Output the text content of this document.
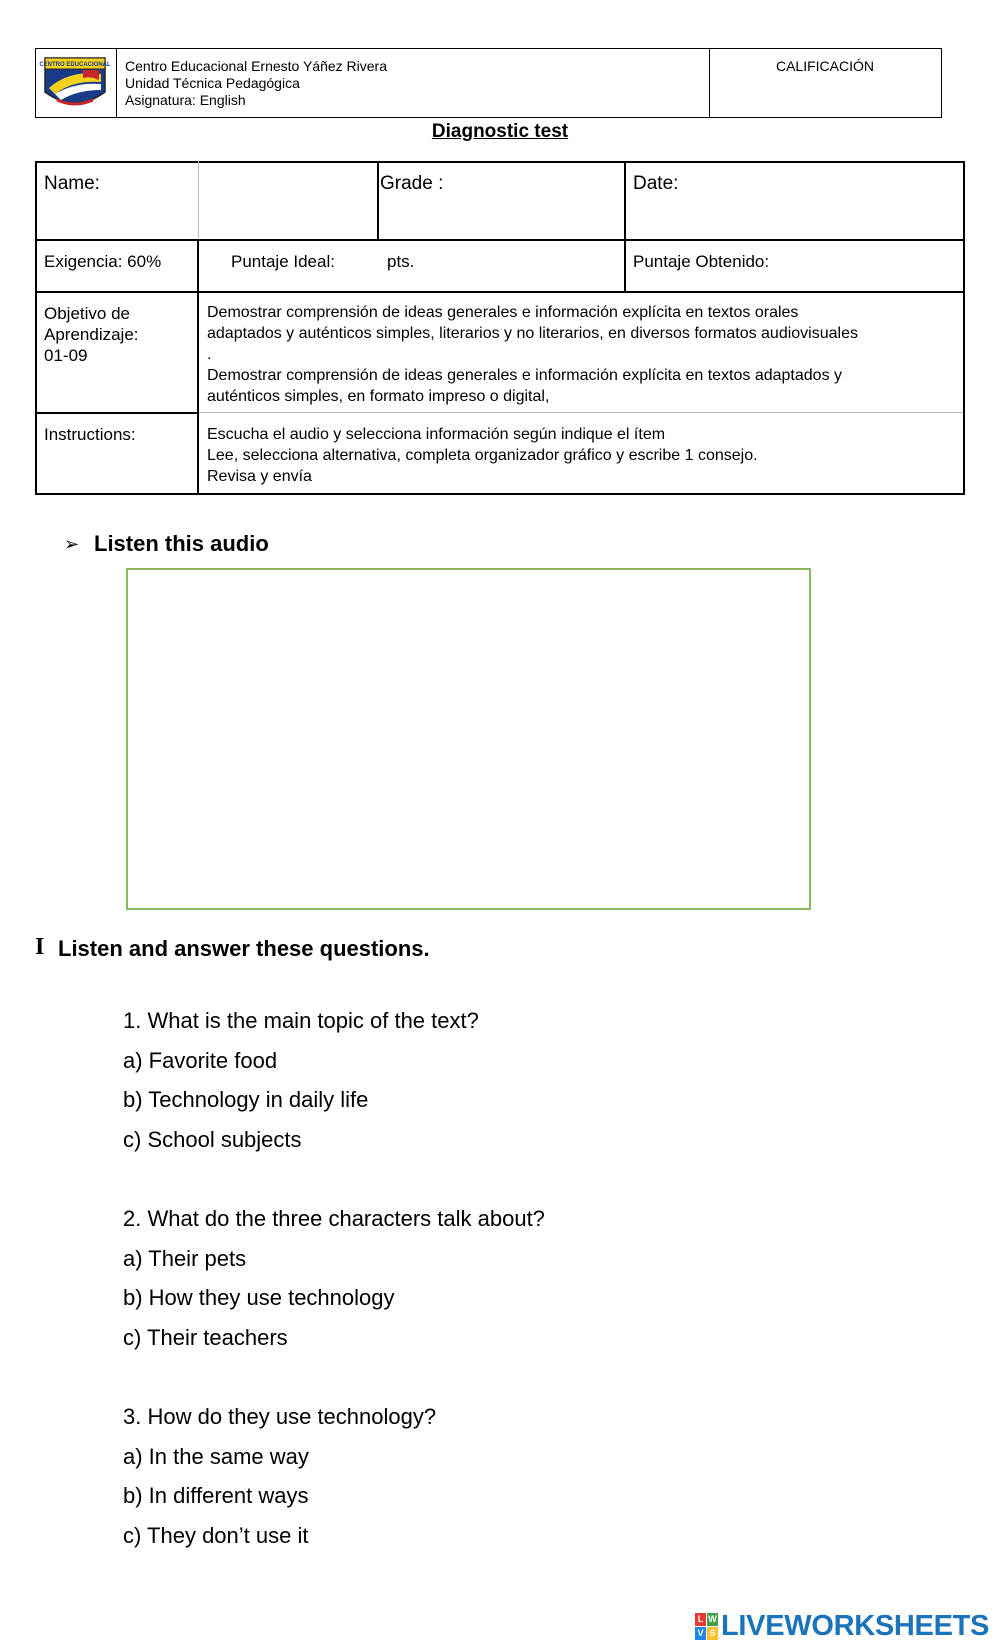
CENTRO EDUCACIONAL Centro Educacional Ernesto Yáñez Rivera
Unidad Técnica Pedagógica
Asignatura: English
CALIFICACIÓN
Diagnostic test
Name:	Grade :	Date:
Exigencia: 60%	Puntaje Ideal:	pts.	Puntaje Obtenido:
Objetivo de
Aprendizaje:
01-09
Demostrar comprensión de ideas generales e información explícita en textos orales
adaptados y auténticos simples, literarios y no literarios, en diversos formatos audiovisuales
.
Demostrar comprensión de ideas generales e información explícita en textos adaptados y
auténticos simples, en formato impreso o digital,
Instructions:	Escucha el audio y selecciona información según indique el ítem
Lee, selecciona alternativa, completa organizador gráfico y escribe 1 consejo.
Revisa y envía
➢ Listen this audio
I Listen and answer these questions.
1. What is the main topic of the text?
a) Favorite food
b) Technology in daily life
c) School subjects
2. What do the three characters talk about?
a) Their pets
b) How they use technology
c) Their teachers
3. How do they use technology?
a) In the same way
b) In different ways
c) They don’t use it
L W
V S LIVEWORKSHEETS
